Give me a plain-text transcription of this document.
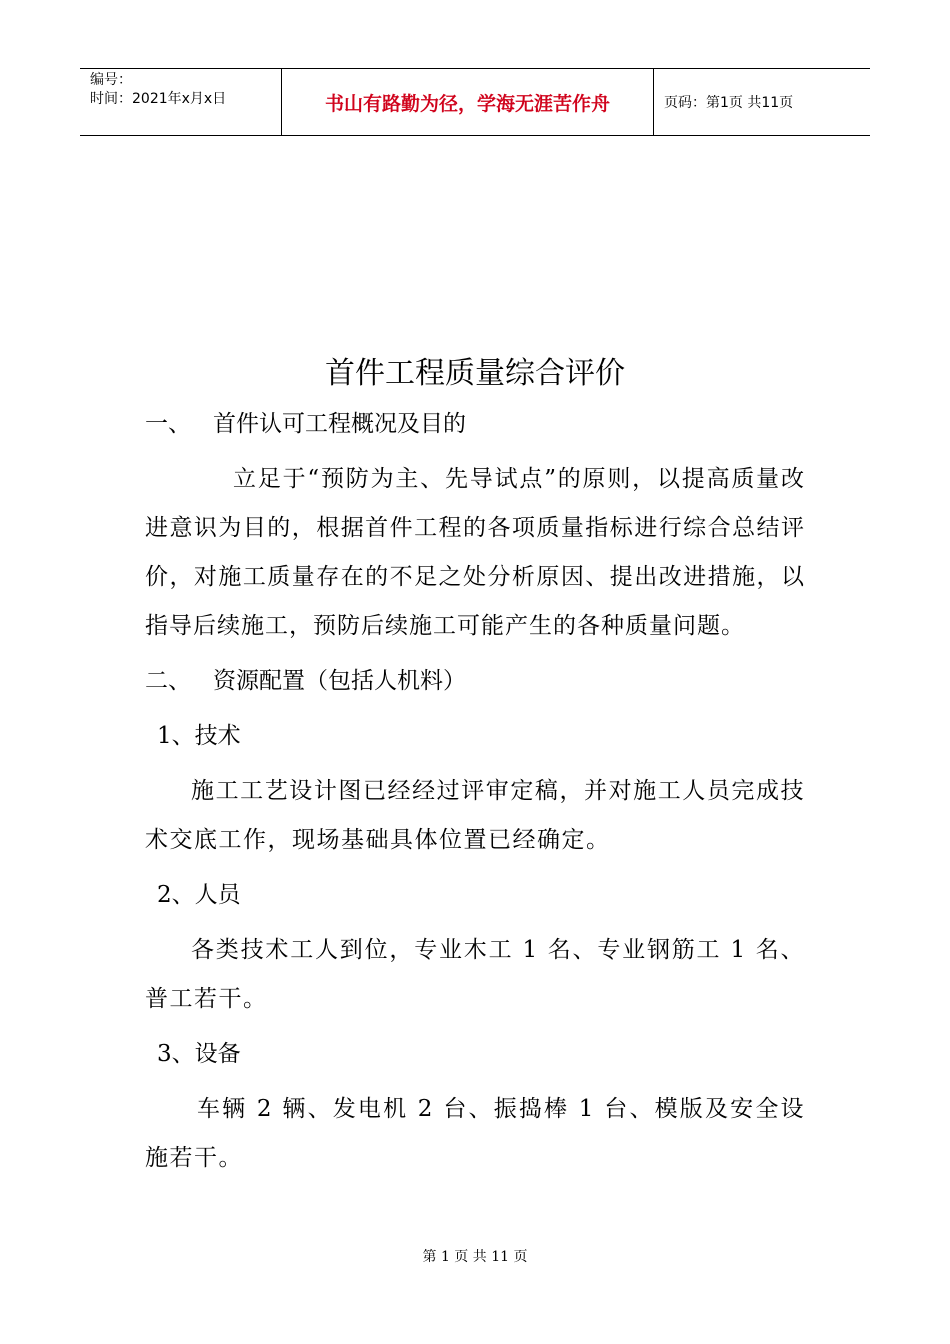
编号：
时间：2021年x月x日	书山有路勤为径，学海无涯苦作舟	页码：第1页 共11页
首件工程质量综合评价

一、 首件认可工程概况及目的

立足于“预防为主、先导试点”的原则，以提高质量改进意识为目的，根据首件工程的各项质量指标进行综合总结评价，对施工质量存在的不足之处分析原因、提出改进措施，以指导后续施工，预防后续施工可能产生的各种质量问题。

二、 资源配置（包括人机料）

1、技术

施工工艺设计图已经经过评审定稿，并对施工人员完成技术交底工作，现场基础具体位置已经确定。

2、人员

各类技术工人到位，专业木工 1 名、专业钢筋工 1 名、普工若干。

3、设备

车辆 2 辆、发电机 2 台、振捣棒 1 台、模版及安全设施若干。

第 1 页 共 11 页
